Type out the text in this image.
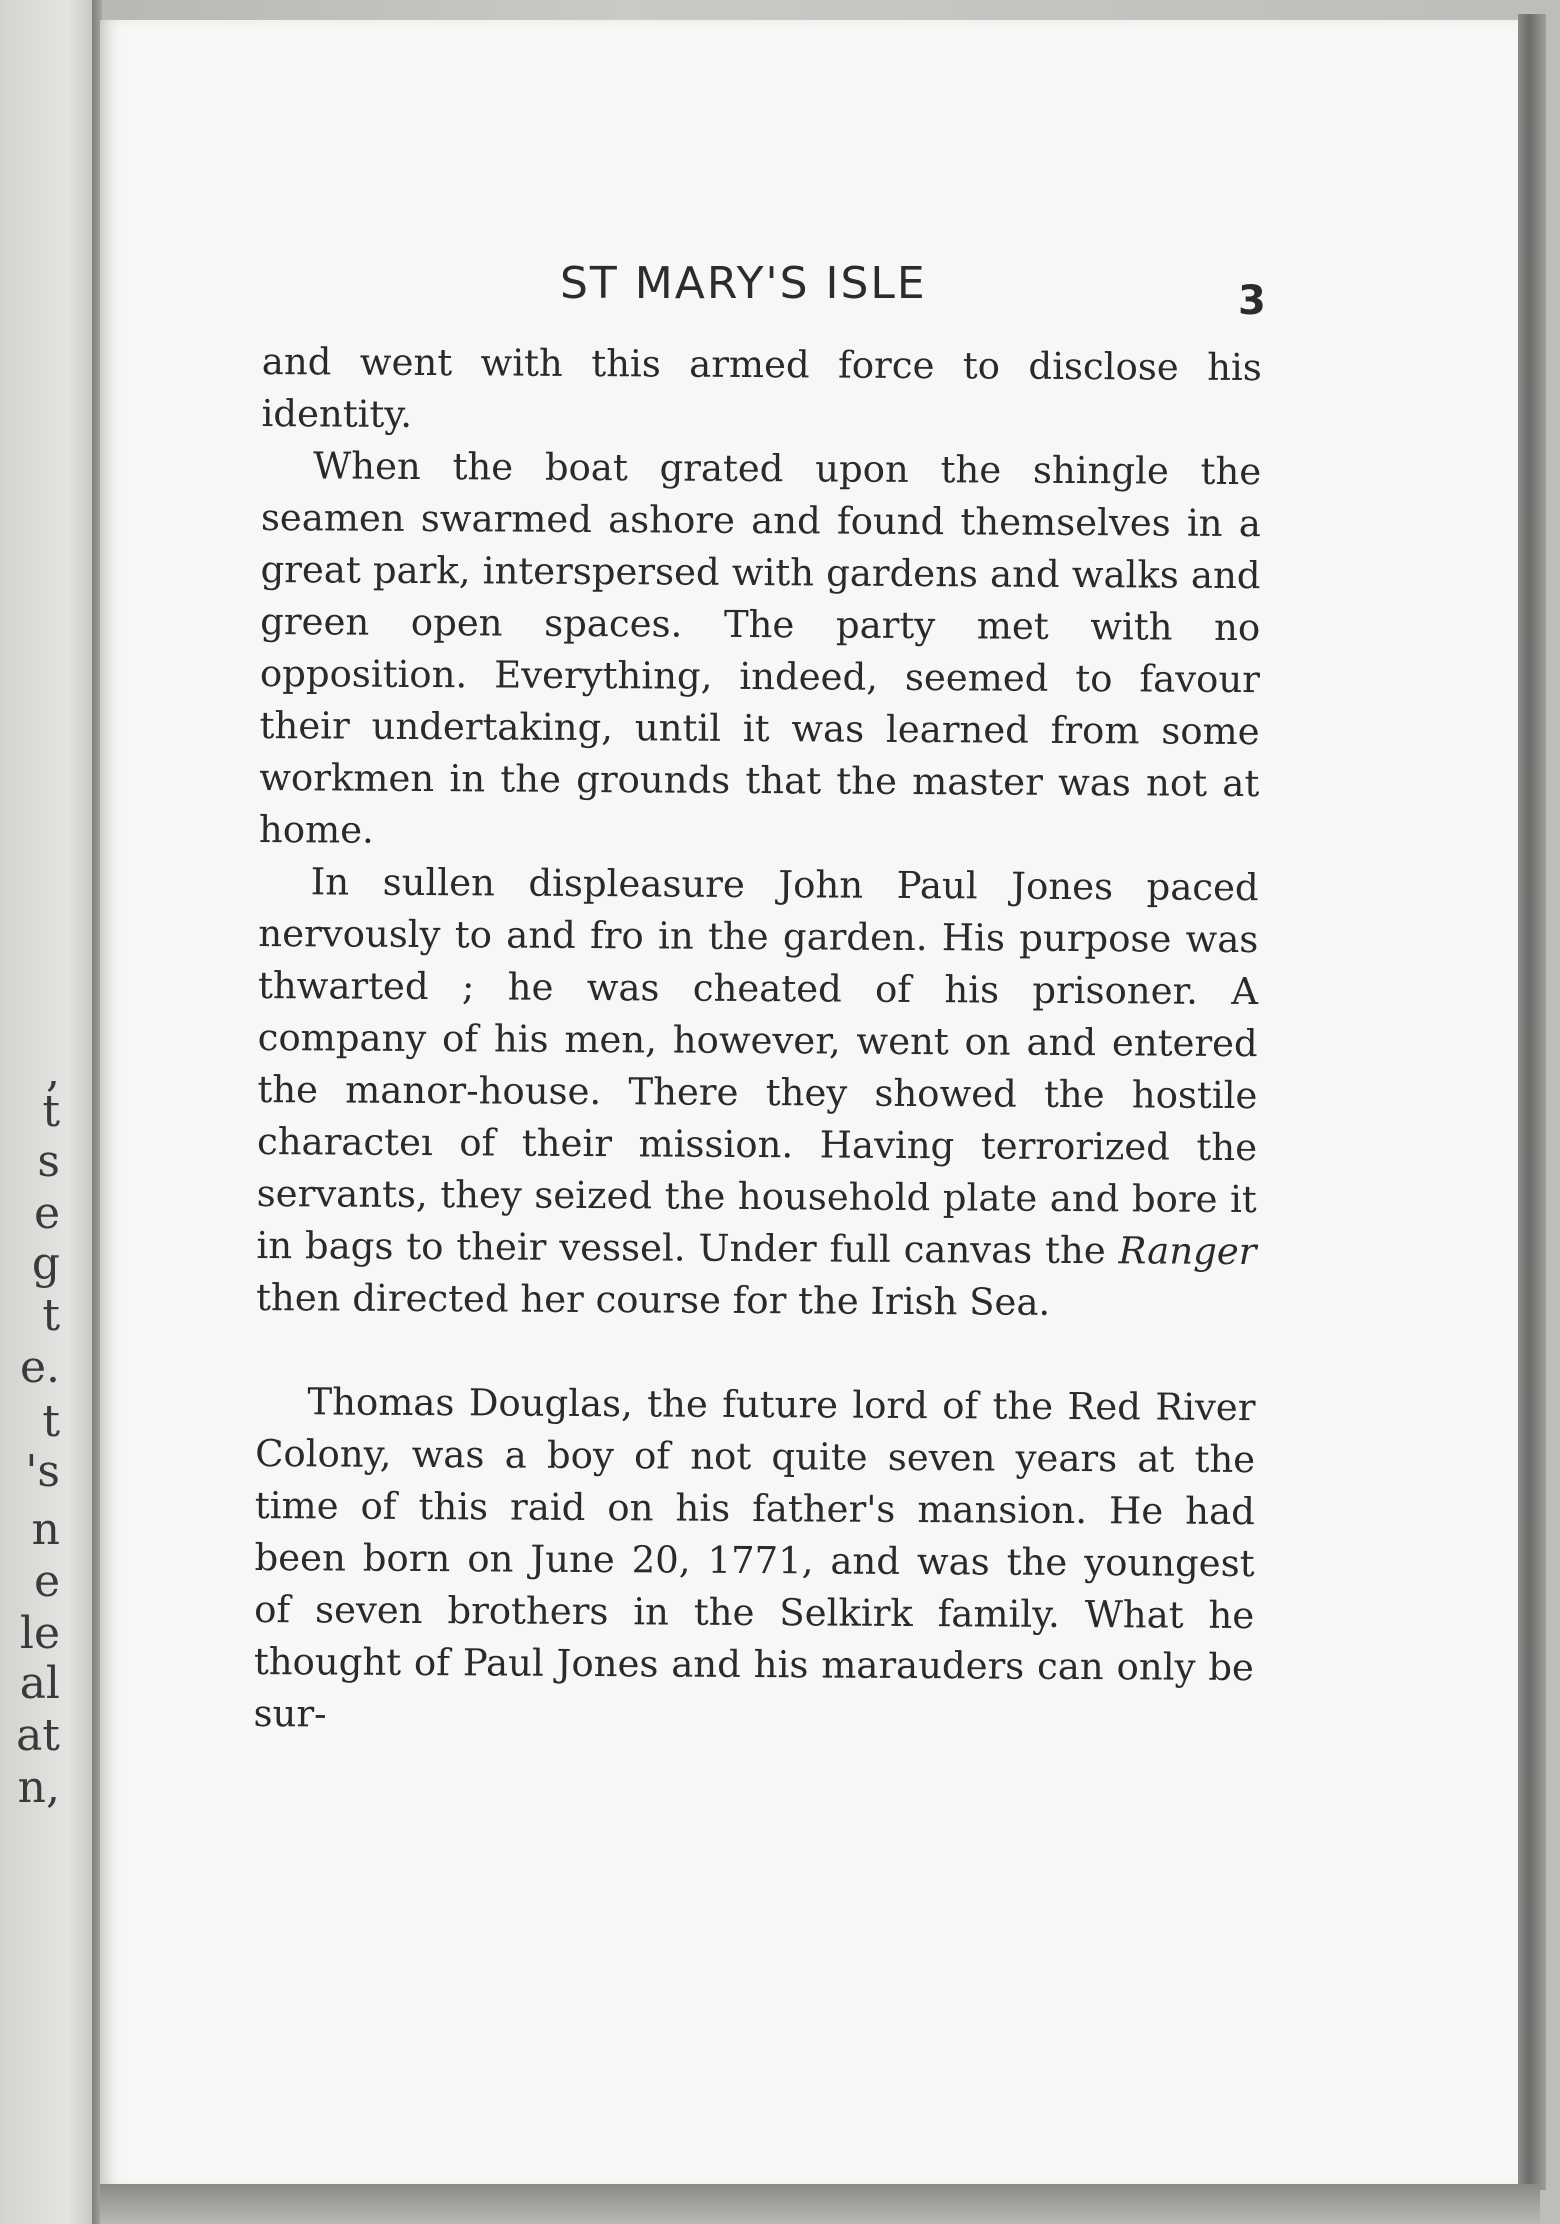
,
t
s
e
g
t
e.
t
's
n
e
le
al
at
n,
ST MARY'S ISLE	3

and went with this armed force to disclose his identity.

When the boat grated upon the shingle the seamen swarmed ashore and found themselves in a great park, interspersed with gardens and walks and green open spaces. The party met with no opposition. Everything, indeed, seemed to favour their undertaking, until it was learned from some workmen in the grounds that the master was not at home.

In sullen displeasure John Paul Jones paced nervously to and fro in the garden. His purpose was thwarted ; he was cheated of his prisoner. A company of his men, however, went on and entered the manor-house. There they showed the hostile characteı of their mission. Having terrorized the servants, they seized the household plate and bore it in bags to their vessel. Under full canvas the Ranger then directed her course for the Irish Sea.

Thomas Douglas, the future lord of the Red River Colony, was a boy of not quite seven years at the time of this raid on his father's mansion. He had been born on June 20, 1771, and was the youngest of seven brothers in the Selkirk family. What he thought of Paul Jones and his marauders can only be sur-
